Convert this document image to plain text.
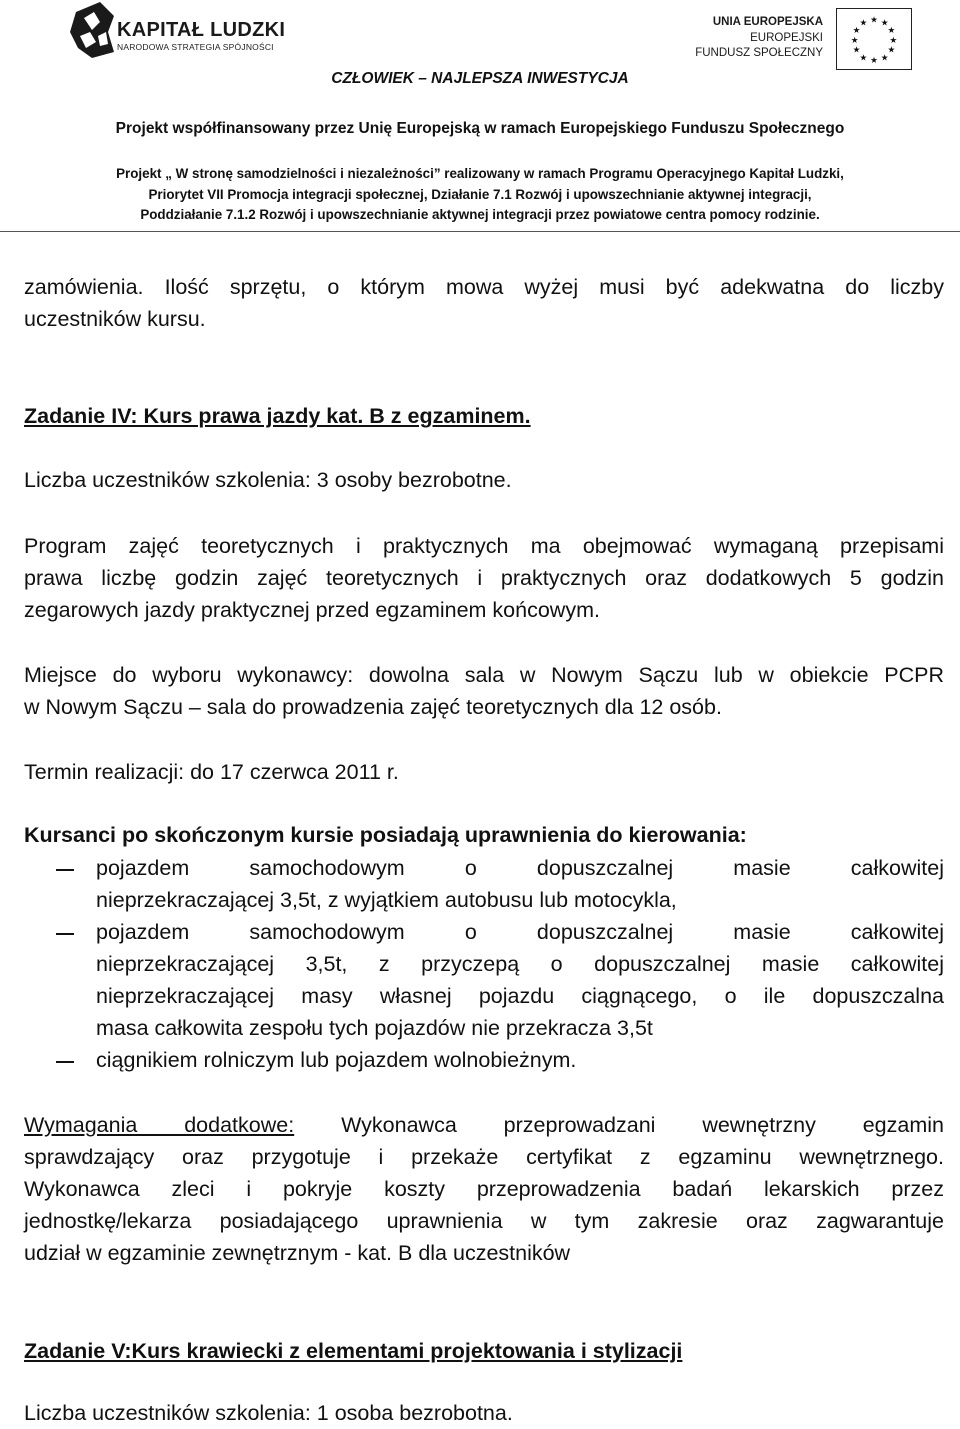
KAPITAŁ LUDZKI
NARODOWA STRATEGIA SPÓJNOŚCI
UNIA EUROPEJSKA
EUROPEJSKI
FUNDUSZ SPOŁECZNY
★ ★
★
★
★
★
★
★
★
★
★
★
CZŁOWIEK – NAJLEPSZA INWESTYCJA
Projekt współfinansowany przez Unię Europejską w ramach Europejskiego Funduszu Społecznego
Projekt „ W stronę samodzielności i niezależności” realizowany w ramach Programu Operacyjnego Kapitał Ludzki,
Priorytet VII Promocja integracji społecznej, Działanie 7.1 Rozwój i upowszechnianie aktywnej integracji,
Poddziałanie 7.1.2 Rozwój i upowszechnianie aktywnej integracji przez powiatowe centra pomocy rodzinie.

zamówienia. Ilość sprzętu, o którym mowa wyżej musi być adekwatna do liczby

uczestników kursu.

Zadanie IV: Kurs prawa jazdy kat. B z egzaminem.

Liczba uczestników szkolenia: 3 osoby bezrobotne.

Program zajęć teoretycznych i praktycznych ma obejmować wymaganą przepisami

prawa liczbę godzin zajęć teoretycznych i praktycznych oraz dodatkowych 5 godzin

zegarowych jazdy praktycznej przed egzaminem końcowym.

Miejsce do wyboru wykonawcy: dowolna sala w Nowym Sączu lub w obiekcie PCPR

w Nowym Sączu – sala do prowadzenia zajęć teoretycznych dla 12 osób.

Termin realizacji: do 17 czerwca 2011 r.

Kursanci po skończonym kursie posiadają uprawnienia do kierowania:

pojazdem samochodowym o dopuszczalnej masie całkowitej

nieprzekraczającej 3,5t, z wyjątkiem autobusu lub motocykla,

pojazdem samochodowym o dopuszczalnej masie całkowitej

nieprzekraczającej 3,5t, z przyczepą o dopuszczalnej masie całkowitej

nieprzekraczającej masy własnej pojazdu ciągnącego, o ile dopuszczalna

masa całkowita zespołu tych pojazdów nie przekracza 3,5t

ciągnikiem rolniczym lub pojazdem wolnobieżnym.

Wymagania dodatkowe: Wykonawca przeprowadzani wewnętrzny egzamin

sprawdzający oraz przygotuje i przekaże certyfikat z egzaminu wewnętrznego.

Wykonawca zleci i pokryje koszty przeprowadzenia badań lekarskich przez

jednostkę/lekarza posiadającego uprawnienia w tym zakresie oraz zagwarantuje

udział w egzaminie zewnętrznym - kat. B dla uczestników

Zadanie V:Kurs krawiecki z elementami projektowania i stylizacji

Liczba uczestników szkolenia: 1 osoba bezrobotna.
